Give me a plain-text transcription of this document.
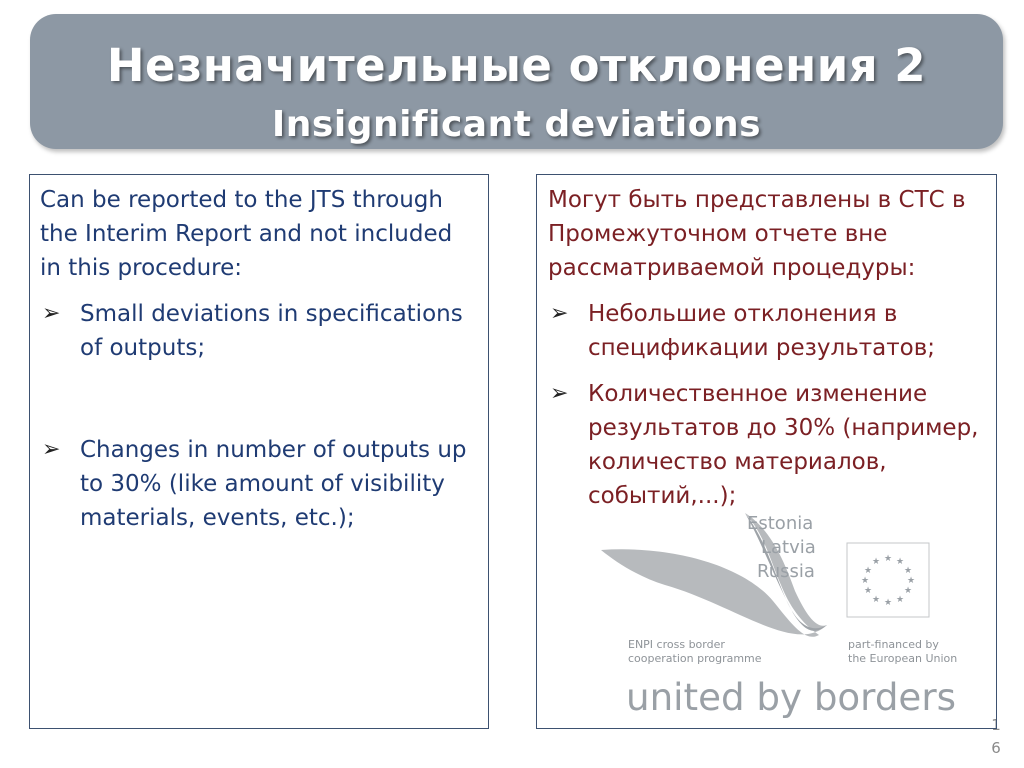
Незначительные отклонения 2
Insignificant deviations

Can be reported to the JTS through the Interim Report and not included in this procedure:

➢ Small deviations in specifications of outputs;
➢ Changes in number of outputs up to 30% (like amount of visibility materials, events, etc.);	Estonia
Latvia
Russia
★ ★
★
★
★
★
★
★
★
★
★
★
ENPI cross border
cooperation programme
part-financed by
the European Union
united by borders

Могут быть представлены в СТС в Промежуточном отчете вне рассматриваемой процедуры:

➢ Небольшие отклонения в спецификации результатов;
➢ Количественное изменение результатов до 30% (например, количество материалов, событий,...);
1
6
